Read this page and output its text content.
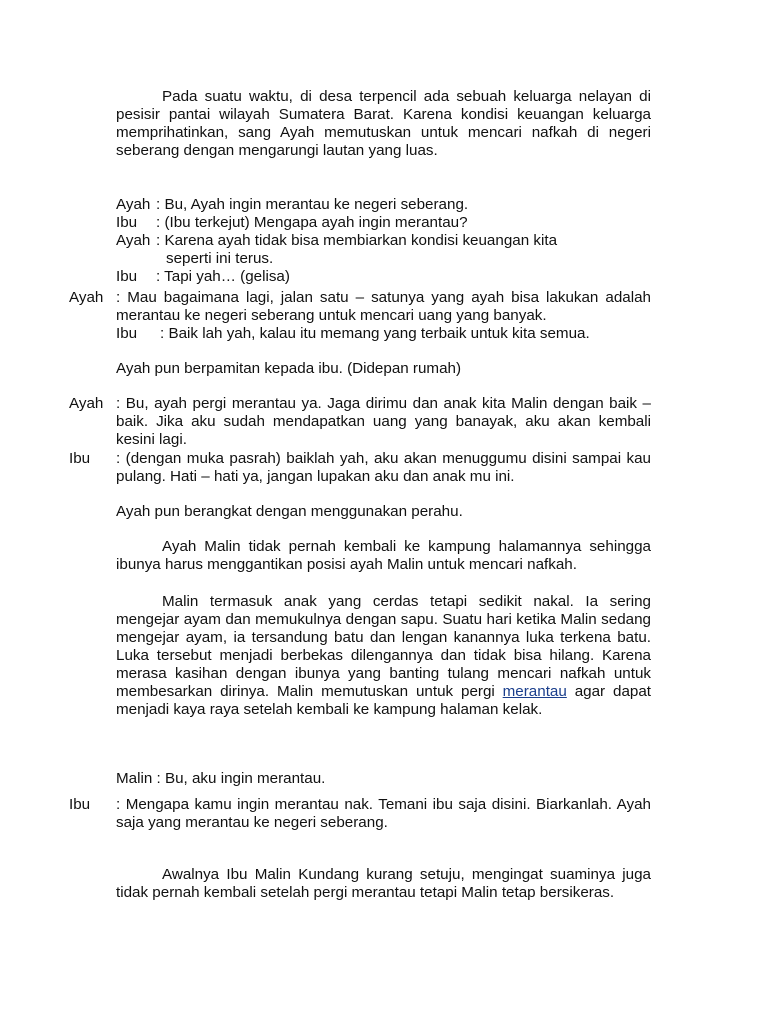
Pada suatu waktu, di desa terpencil ada sebuah keluarga nelayan di pesisir pantai wilayah Sumatera Barat. Karena kondisi keuangan keluarga memprihatinkan, sang Ayah memutuskan untuk mencari nafkah di negeri seberang dengan mengarungi lautan yang luas.
Ayah : Bu, Ayah ingin merantau ke negeri seberang.
Ibu : (Ibu terkejut) Mengapa ayah ingin merantau?
Ayah : Karena ayah tidak bisa membiarkan kondisi keuangan kita
seperti ini terus.
Ibu : Tapi yah… (gelisa)
Ayah : Mau bagaimana lagi, jalan satu – satunya yang ayah bisa lakukan adalah merantau ke negeri seberang untuk mencari uang yang banyak.
Ibu : Baik lah yah, kalau itu memang yang terbaik untuk kita semua.
Ayah pun berpamitan kepada ibu. (Didepan rumah)
Ayah : Bu, ayah pergi merantau ya. Jaga dirimu dan anak kita Malin dengan baik – baik. Jika aku sudah mendapatkan uang yang banayak, aku akan kembali kesini lagi.
Ibu : (dengan muka pasrah) baiklah yah, aku akan menuggumu disini sampai kau pulang. Hati – hati ya, jangan lupakan aku dan anak mu ini.
Ayah pun berangkat dengan menggunakan perahu.
Ayah Malin tidak pernah kembali ke kampung halamannya sehingga ibunya harus menggantikan posisi ayah Malin untuk mencari nafkah.
Malin termasuk anak yang cerdas tetapi sedikit nakal. Ia sering mengejar ayam dan memukulnya dengan sapu. Suatu hari ketika Malin sedang mengejar ayam, ia tersandung batu dan lengan kanannya luka terkena batu. Luka tersebut menjadi berbekas dilengannya dan tidak bisa hilang. Karena merasa kasihan dengan ibunya yang banting tulang mencari nafkah untuk membesarkan dirinya. Malin memutuskan untuk pergi merantau agar dapat menjadi kaya raya setelah kembali ke kampung halaman kelak.
Malin : Bu, aku ingin merantau.
Ibu : Mengapa kamu ingin merantau nak. Temani ibu saja disini. Biarkanlah. Ayah saja yang merantau ke negeri seberang.
Awalnya Ibu Malin Kundang kurang setuju, mengingat suaminya juga tidak pernah kembali setelah pergi merantau tetapi Malin tetap bersikeras.
